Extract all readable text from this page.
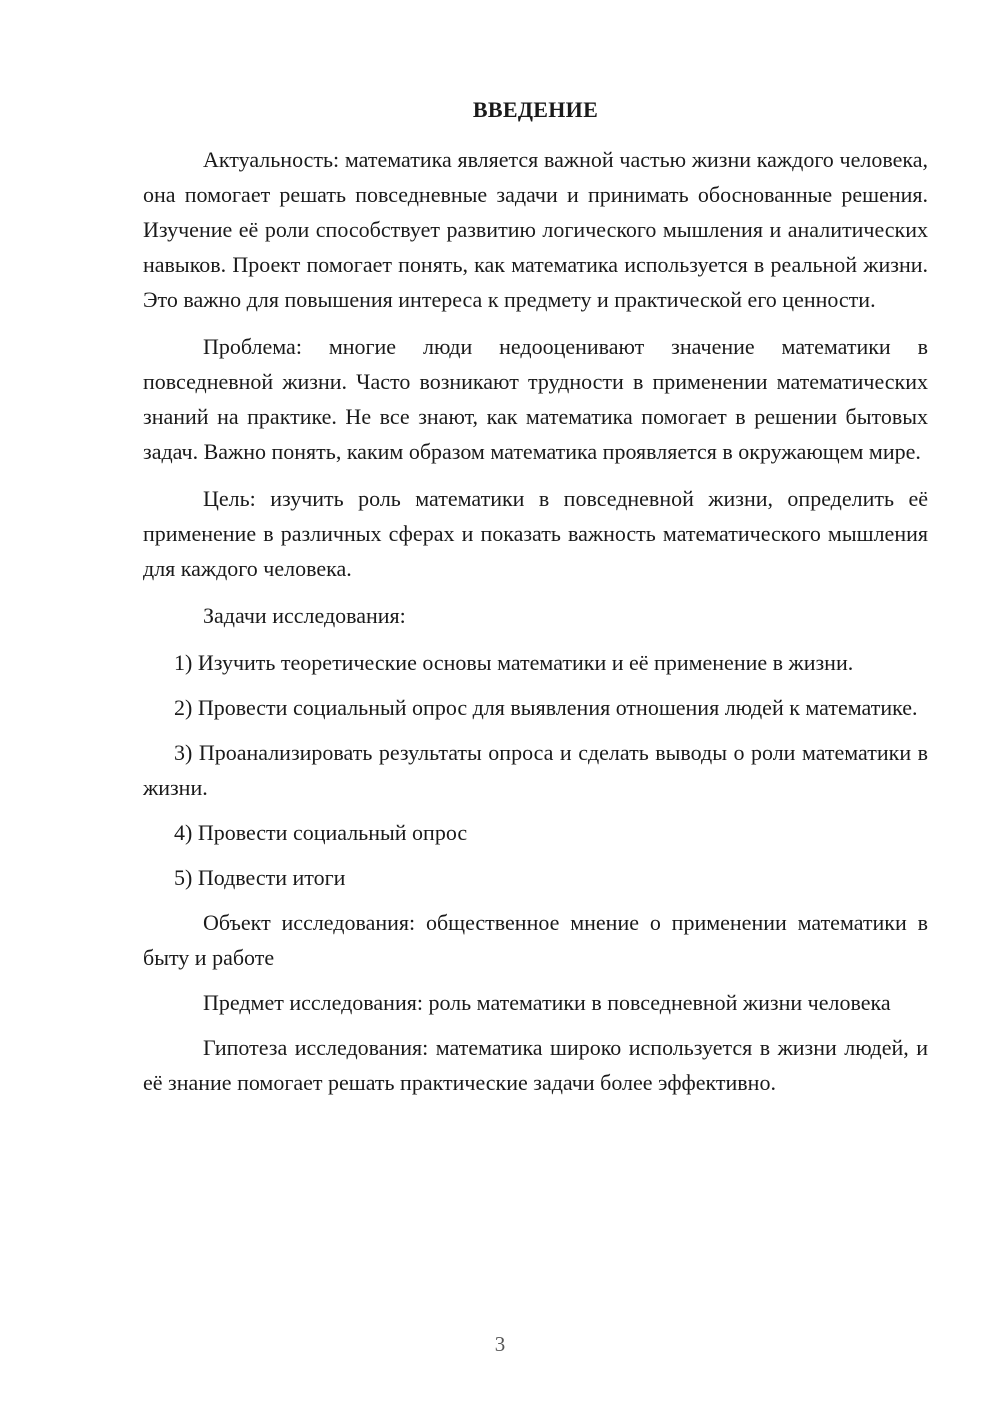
ВВЕДЕНИЕ

Актуальность: математика является важной частью жизни каждого человека, она помогает решать повседневные задачи и принимать обоснованные решения. Изучение её роли способствует развитию логического мышления и аналитических навыков. Проект помогает понять, как математика используется в реальной жизни. Это важно для повышения интереса к предмету и практической его ценности.

Проблема: многие люди недооценивают значение математики в повседневной жизни. Часто возникают трудности в применении математических знаний на практике. Не все знают, как математика помогает в решении бытовых задач. Важно понять, каким образом математика проявляется в окружающем мире.

Цель: изучить роль математики в повседневной жизни, определить её применение в различных сферах и показать важность математического мышления для каждого человека.

Задачи исследования:

1) Изучить теоретические основы математики и её применение в жизни.

2) Провести социальный опрос для выявления отношения людей к математике.

3) Проанализировать результаты опроса и сделать выводы о роли математики в жизни.

4) Провести социальный опрос

5) Подвести итоги

Объект исследования: общественное мнение о применении математики в быту и работе

Предмет исследования: роль математики в повседневной жизни человека

Гипотеза исследования: математика широко используется в жизни людей, и её знание помогает решать практические задачи более эффективно.

3
